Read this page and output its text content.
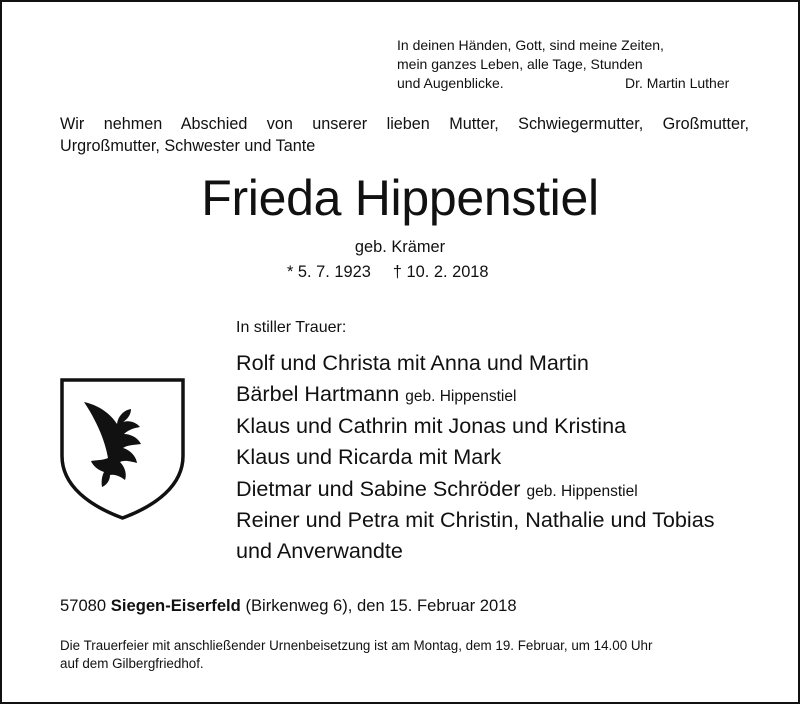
In deinen Händen, Gott, sind meine Zeiten,
mein ganzes Leben, alle Tage, Stunden
und Augenblicke.	Dr. Martin Luther
Wir nehmen Abschied von unserer lieben Mutter, Schwiegermutter, Großmutter,
Urgroßmutter, Schwester und Tante
Frieda Hippenstiel
geb. Krämer
* 5. 7. 1923 † 10. 2. 2018
In stiller Trauer:
Rolf und Christa mit Anna und Martin
Bärbel Hartmann geb. Hippenstiel
Klaus und Cathrin mit Jonas und Kristina
Klaus und Ricarda mit Mark
Dietmar und Sabine Schröder geb. Hippenstiel
Reiner und Petra mit Christin, Nathalie und Tobias
und Anverwandte
57080 Siegen-Eiserfeld (Birkenweg 6), den 15. Februar 2018
Die Trauerfeier mit anschließender Urnenbeisetzung ist am Montag, dem 19. Februar, um 14.00 Uhr
auf dem Gilbergfriedhof.
